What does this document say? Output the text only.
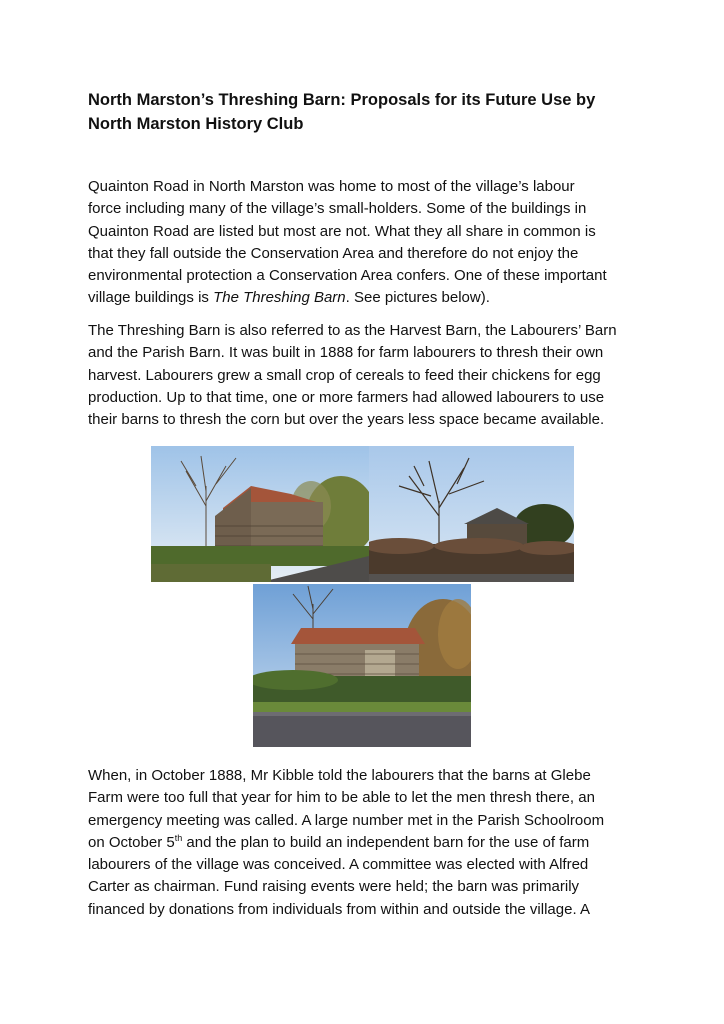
North Marston’s Threshing Barn: Proposals for its Future Use by
North Marston History Club

Quainton Road in North Marston was home to most of the village’s labour
force including many of the village’s small-holders. Some of the buildings in
Quainton Road are listed but most are not. What they all share in common is
that they fall outside the Conservation Area and therefore do not enjoy the
environmental protection a Conservation Area confers. One of these important
village buildings is The Threshing Barn. See pictures below).

The Threshing Barn is also referred to as the Harvest Barn, the Labourers’ Barn
and the Parish Barn. It was built in 1888 for farm labourers to thresh their own
harvest. Labourers grew a small crop of cereals to feed their chickens for egg
production. Up to that time, one or more farmers had allowed labourers to use
their barns to thresh the corn but over the years less space became available.

When, in October 1888, Mr Kibble told the labourers that the barns at Glebe
Farm were too full that year for him to be able to let the men thresh there, an
emergency meeting was called. A large number met in the Parish Schoolroom
on October 5th and the plan to build an independent barn for the use of farm
labourers of the village was conceived. A committee was elected with Alfred
Carter as chairman. Fund raising events were held; the barn was primarily
financed by donations from individuals from within and outside the village. A
